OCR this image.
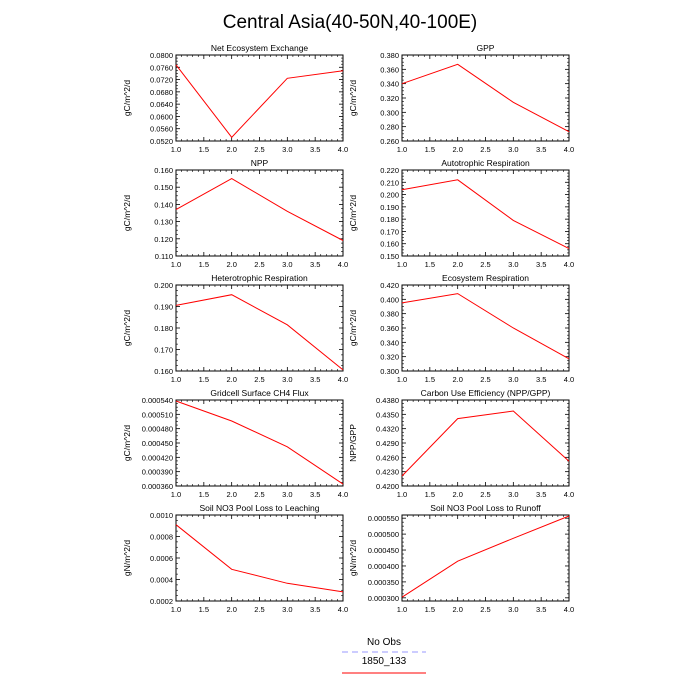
Central Asia(40-50N,40-100E)
Net Ecosystem Exchange
gC/m^2/d
1.0 1.5 2.0 2.5 3.0 3.5 4.0
0.0520
0.0560
0.0600
0.0640
0.0680
0.0720
0.0760
0.0800
GPP
gC/m^2/d
1.0 1.5 2.0 2.5 3.0 3.5 4.0
0.260
0.280
0.300
0.320
0.340
0.360
0.380
NPP
gC/m^2/d
1.0 1.5 2.0 2.5 3.0 3.5 4.0
0.110
0.120
0.130
0.140
0.150
0.160
Autotrophic Respiration
gC/m^2/d
1.0 1.5 2.0 2.5 3.0 3.5 4.0
0.150
0.160
0.170
0.180
0.190
0.200
0.210
0.220
Heterotrophic Respiration
gC/m^2/d
1.0 1.5 2.0 2.5 3.0 3.5 4.0
0.160
0.170
0.180
0.190
0.200
Ecosystem Respiration
gC/m^2/d
1.0 1.5 2.0 2.5 3.0 3.5 4.0
0.300
0.320
0.340
0.360
0.380
0.400
0.420
Gridcell Surface CH4 Flux
gC/m^2/d
1.0 1.5 2.0 2.5 3.0 3.5 4.0
0.000360
0.000390
0.000420
0.000450
0.000480
0.000510
0.000540
Carbon Use Efficiency (NPP/GPP)
NPP/GPP
1.0 1.5 2.0 2.5 3.0 3.5 4.0
0.4200
0.4230
0.4260
0.4290
0.4320
0.4350
0.4380
Soil NO3 Pool Loss to Leaching
gN/m^2/d
1.0 1.5 2.0 2.5 3.0 3.5 4.0
0.0002
0.0004
0.0006
0.0008
0.0010
Soil NO3 Pool Loss to Runoff
gN/m^2/d
1.0 1.5 2.0 2.5 3.0 3.5 4.0
0.000300
0.000350
0.000400
0.000450
0.000500
0.000550
No Obs
1850_133
